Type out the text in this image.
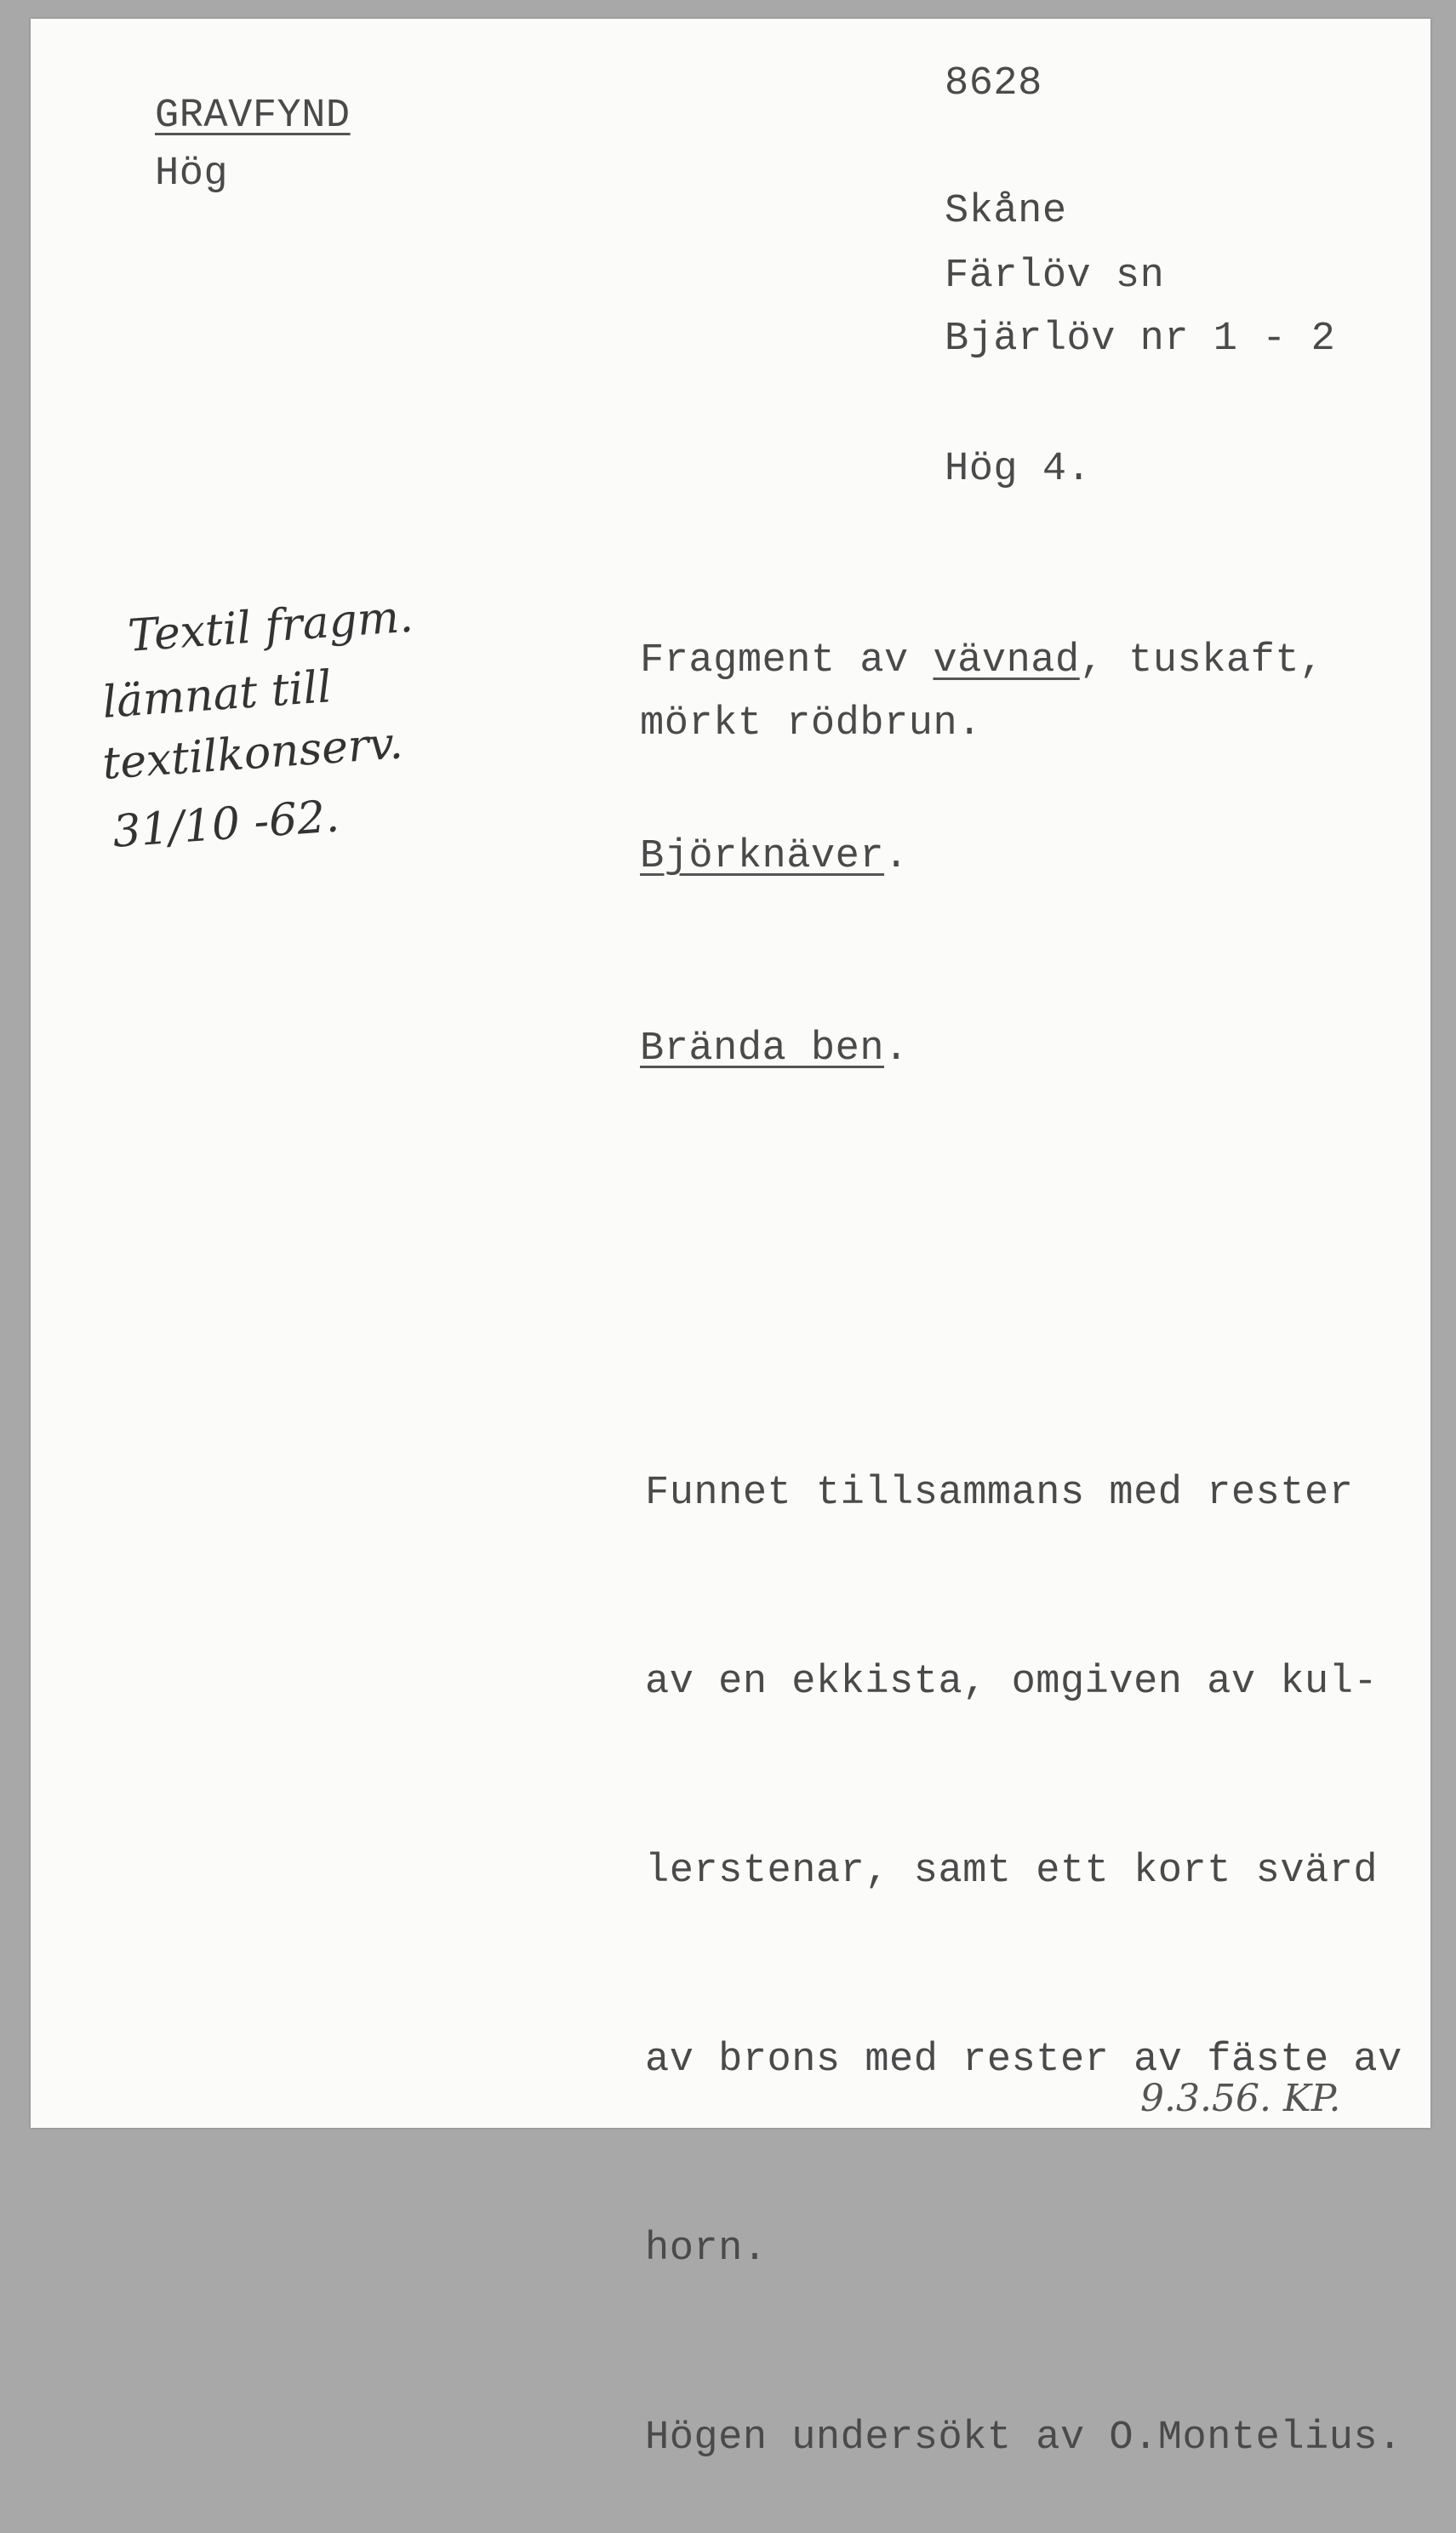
GRAVFYND
Hög
8628
Skåne
Färlöv sn
Bjärlöv nr 1 - 2
Hög 4.
Textil fragm.
lämnat till
textilkonserv.
31/10 -62.
Fragment av vävnad, tuskaft,
mörkt rödbrun.
Björknäver.
Brända ben.

Funnet tillsammans med rester

av en ekkista, omgiven av kul-

lerstenar, samt ett kort svärd

av brons med rester av fäste av

horn.

Högen undersökt av O.Montelius.

9.3.56. KP.
